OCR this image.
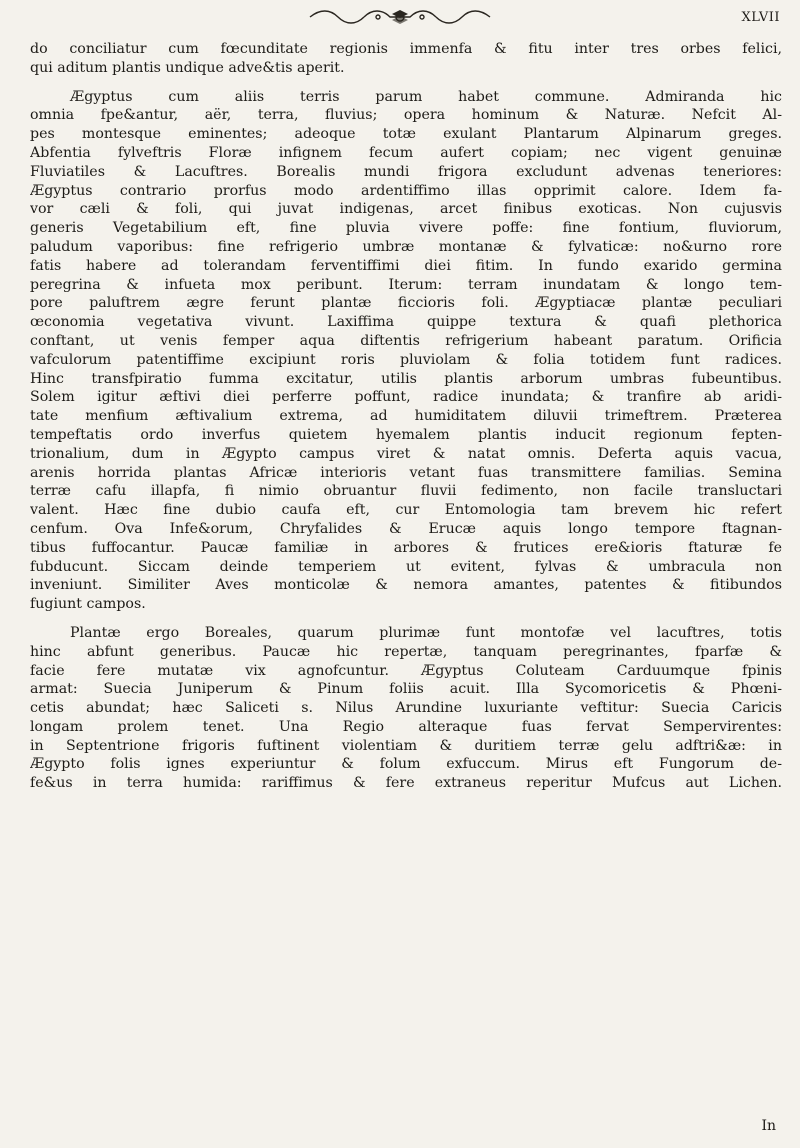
XLVII
do conciliatur cum fœcunditate regionis immenfa & fitu inter tres orbes felici,
qui aditum plantis undique adve&tis aperit.
Ægyptus cum aliis terris parum habet commune. Admiranda hic
omnia fpe&antur, aër, terra, fluvius; opera hominum & Naturæ. Nefcit Al-
pes montesque eminentes; adeoque totæ exulant Plantarum Alpinarum greges.
Abfentia fylveftris Floræ infignem fecum aufert copiam; nec vigent genuinæ
Fluviatiles & Lacuftres. Borealis mundi frigora excludunt advenas teneriores:
Ægyptus contrario prorfus modo ardentiffimo illas opprimit calore. Idem fa-
vor cæli & foli, qui juvat indigenas, arcet finibus exoticas. Non cujusvis
generis Vegetabilium eft, fine pluvia vivere poffe: fine fontium, fluviorum,
paludum vaporibus: fine refrigerio umbræ montanæ & fylvaticæ: no&urno rore
fatis habere ad tolerandam ferventiffimi diei fitim. In fundo exarido germina
peregrina & infueta mox peribunt. Iterum: terram inundatam & longo tem-
pore paluftrem ægre ferunt plantæ ficcioris foli. Ægyptiacæ plantæ peculiari
œconomia vegetativa vivunt. Laxiffima quippe textura & quafi plethorica
conftant, ut venis femper aqua diftentis refrigerium habeant paratum. Orificia
vafculorum patentiffime excipiunt roris pluviolam & folia totidem funt radices.
Hinc transfpiratio fumma excitatur, utilis plantis arborum umbras fubeuntibus.
Solem igitur æftivi diei perferre poffunt, radice inundata; & tranfire ab aridi-
tate menfium æftivalium extrema, ad humiditatem diluvii trimeftrem. Præterea
tempeftatis ordo inverfus quietem hyemalem plantis inducit regionum fepten-
trionalium, dum in Ægypto campus viret & natat omnis. Deferta aquis vacua,
arenis horrida plantas Africæ interioris vetant fuas transmittere familias. Semina
terræ cafu illapfa, fi nimio obruantur fluvii fedimento, non facile transluctari
valent. Hæc fine dubio caufa eft, cur Entomologia tam brevem hic refert
cenfum. Ova Infe&orum, Chryfalides & Erucæ aquis longo tempore ftagnan-
tibus fuffocantur. Paucæ familiæ in arbores & frutices ere&ioris ftaturæ fe
fubducunt. Siccam deinde temperiem ut evitent, fylvas & umbracula non
inveniunt. Similiter Aves monticolæ & nemora amantes, patentes & fitibundos
fugiunt campos.
Plantæ ergo Boreales, quarum plurimæ funt montofæ vel lacuftres, totis
hinc abfunt generibus. Paucæ hic repertæ, tanquam peregrinantes, fparfæ &
facie fere mutatæ vix agnofcuntur. Ægyptus Coluteam Carduumque fpinis
armat: Suecia Juniperum & Pinum foliis acuit. Illa Sycomoricetis & Phœni-
cetis abundat; hæc Saliceti s. Nilus Arundine luxuriante veftitur: Suecia Caricis
longam prolem tenet. Una Regio alteraque fuas fervat Sempervirentes:
in Septentrione frigoris fuftinent violentiam & duritiem terræ gelu adftri&æ: in
Ægypto folis ignes experiuntur & folum exfuccum. Mirus eft Fungorum de-
fe&us in terra humida: rariffimus & fere extraneus reperitur Mufcus aut Lichen.
In
